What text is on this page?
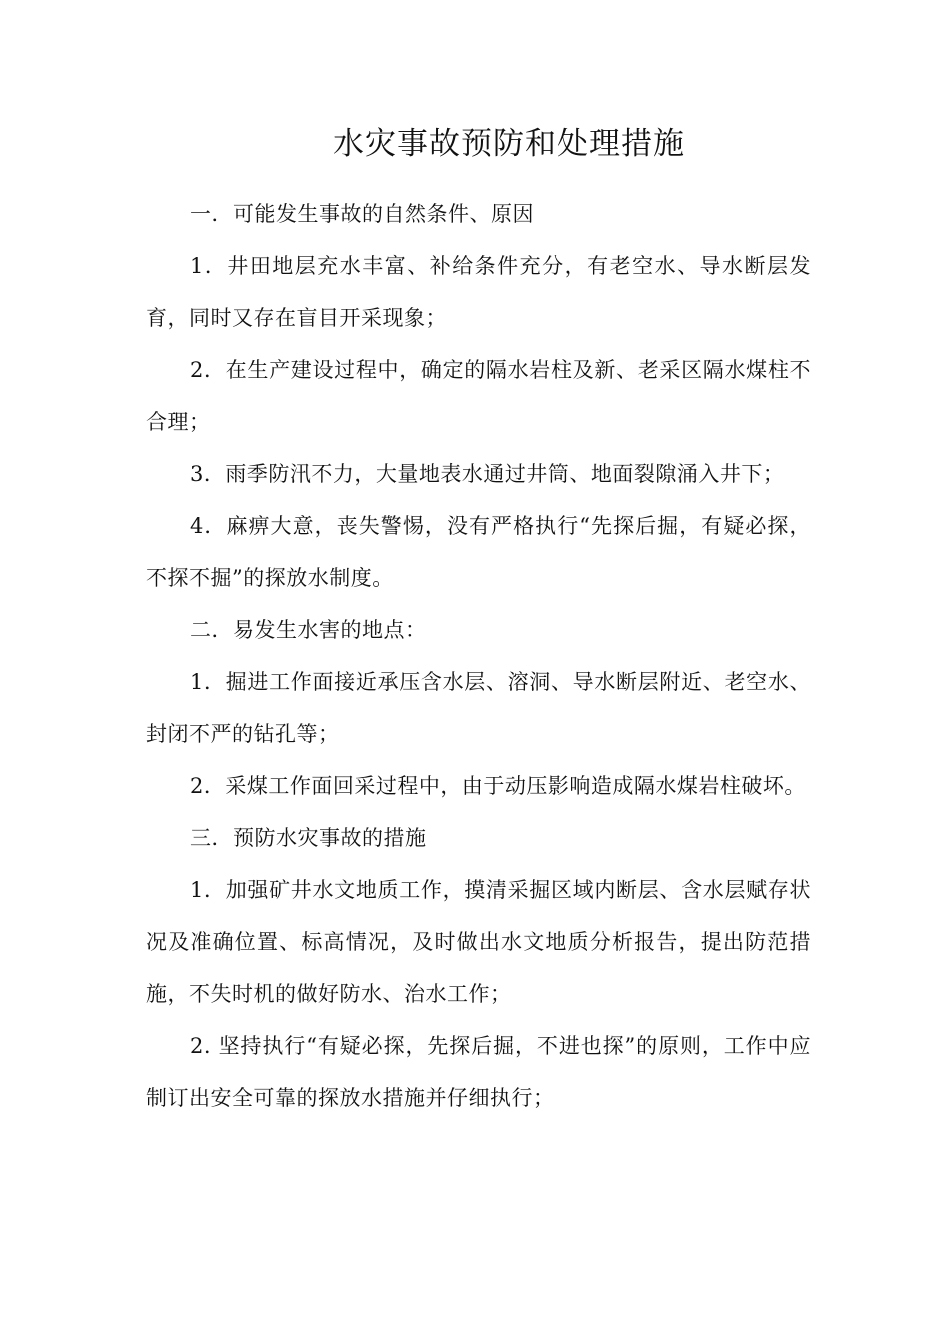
水灾事故预防和处理措施

一．可能发生事故的自然条件、原因

1．井田地层充水丰富、补给条件充分，有老空水、导水断层发育，同时又存在盲目开采现象；

2．在生产建设过程中，确定的隔水岩柱及新、老采区隔水煤柱不合理；

3．雨季防汛不力，大量地表水通过井筒、地面裂隙涌入井下；

4．麻痹大意，丧失警惕，没有严格执行“先探后掘，有疑必探，不探不掘”的探放水制度。

二．易发生水害的地点：

1．掘进工作面接近承压含水层、溶洞、导水断层附近、老空水、封闭不严的钻孔等；

2．采煤工作面回采过程中，由于动压影响造成隔水煤岩柱破坏。

三．预防水灾事故的措施

1．加强矿井水文地质工作，摸清采掘区域内断层、含水层赋存状况及准确位置、标高情况，及时做出水文地质分析报告，提出防范措施，不失时机的做好防水、治水工作；

2. 坚持执行“有疑必探，先探后掘，不进也探”的原则，工作中应制订出安全可靠的探放水措施并仔细执行；
